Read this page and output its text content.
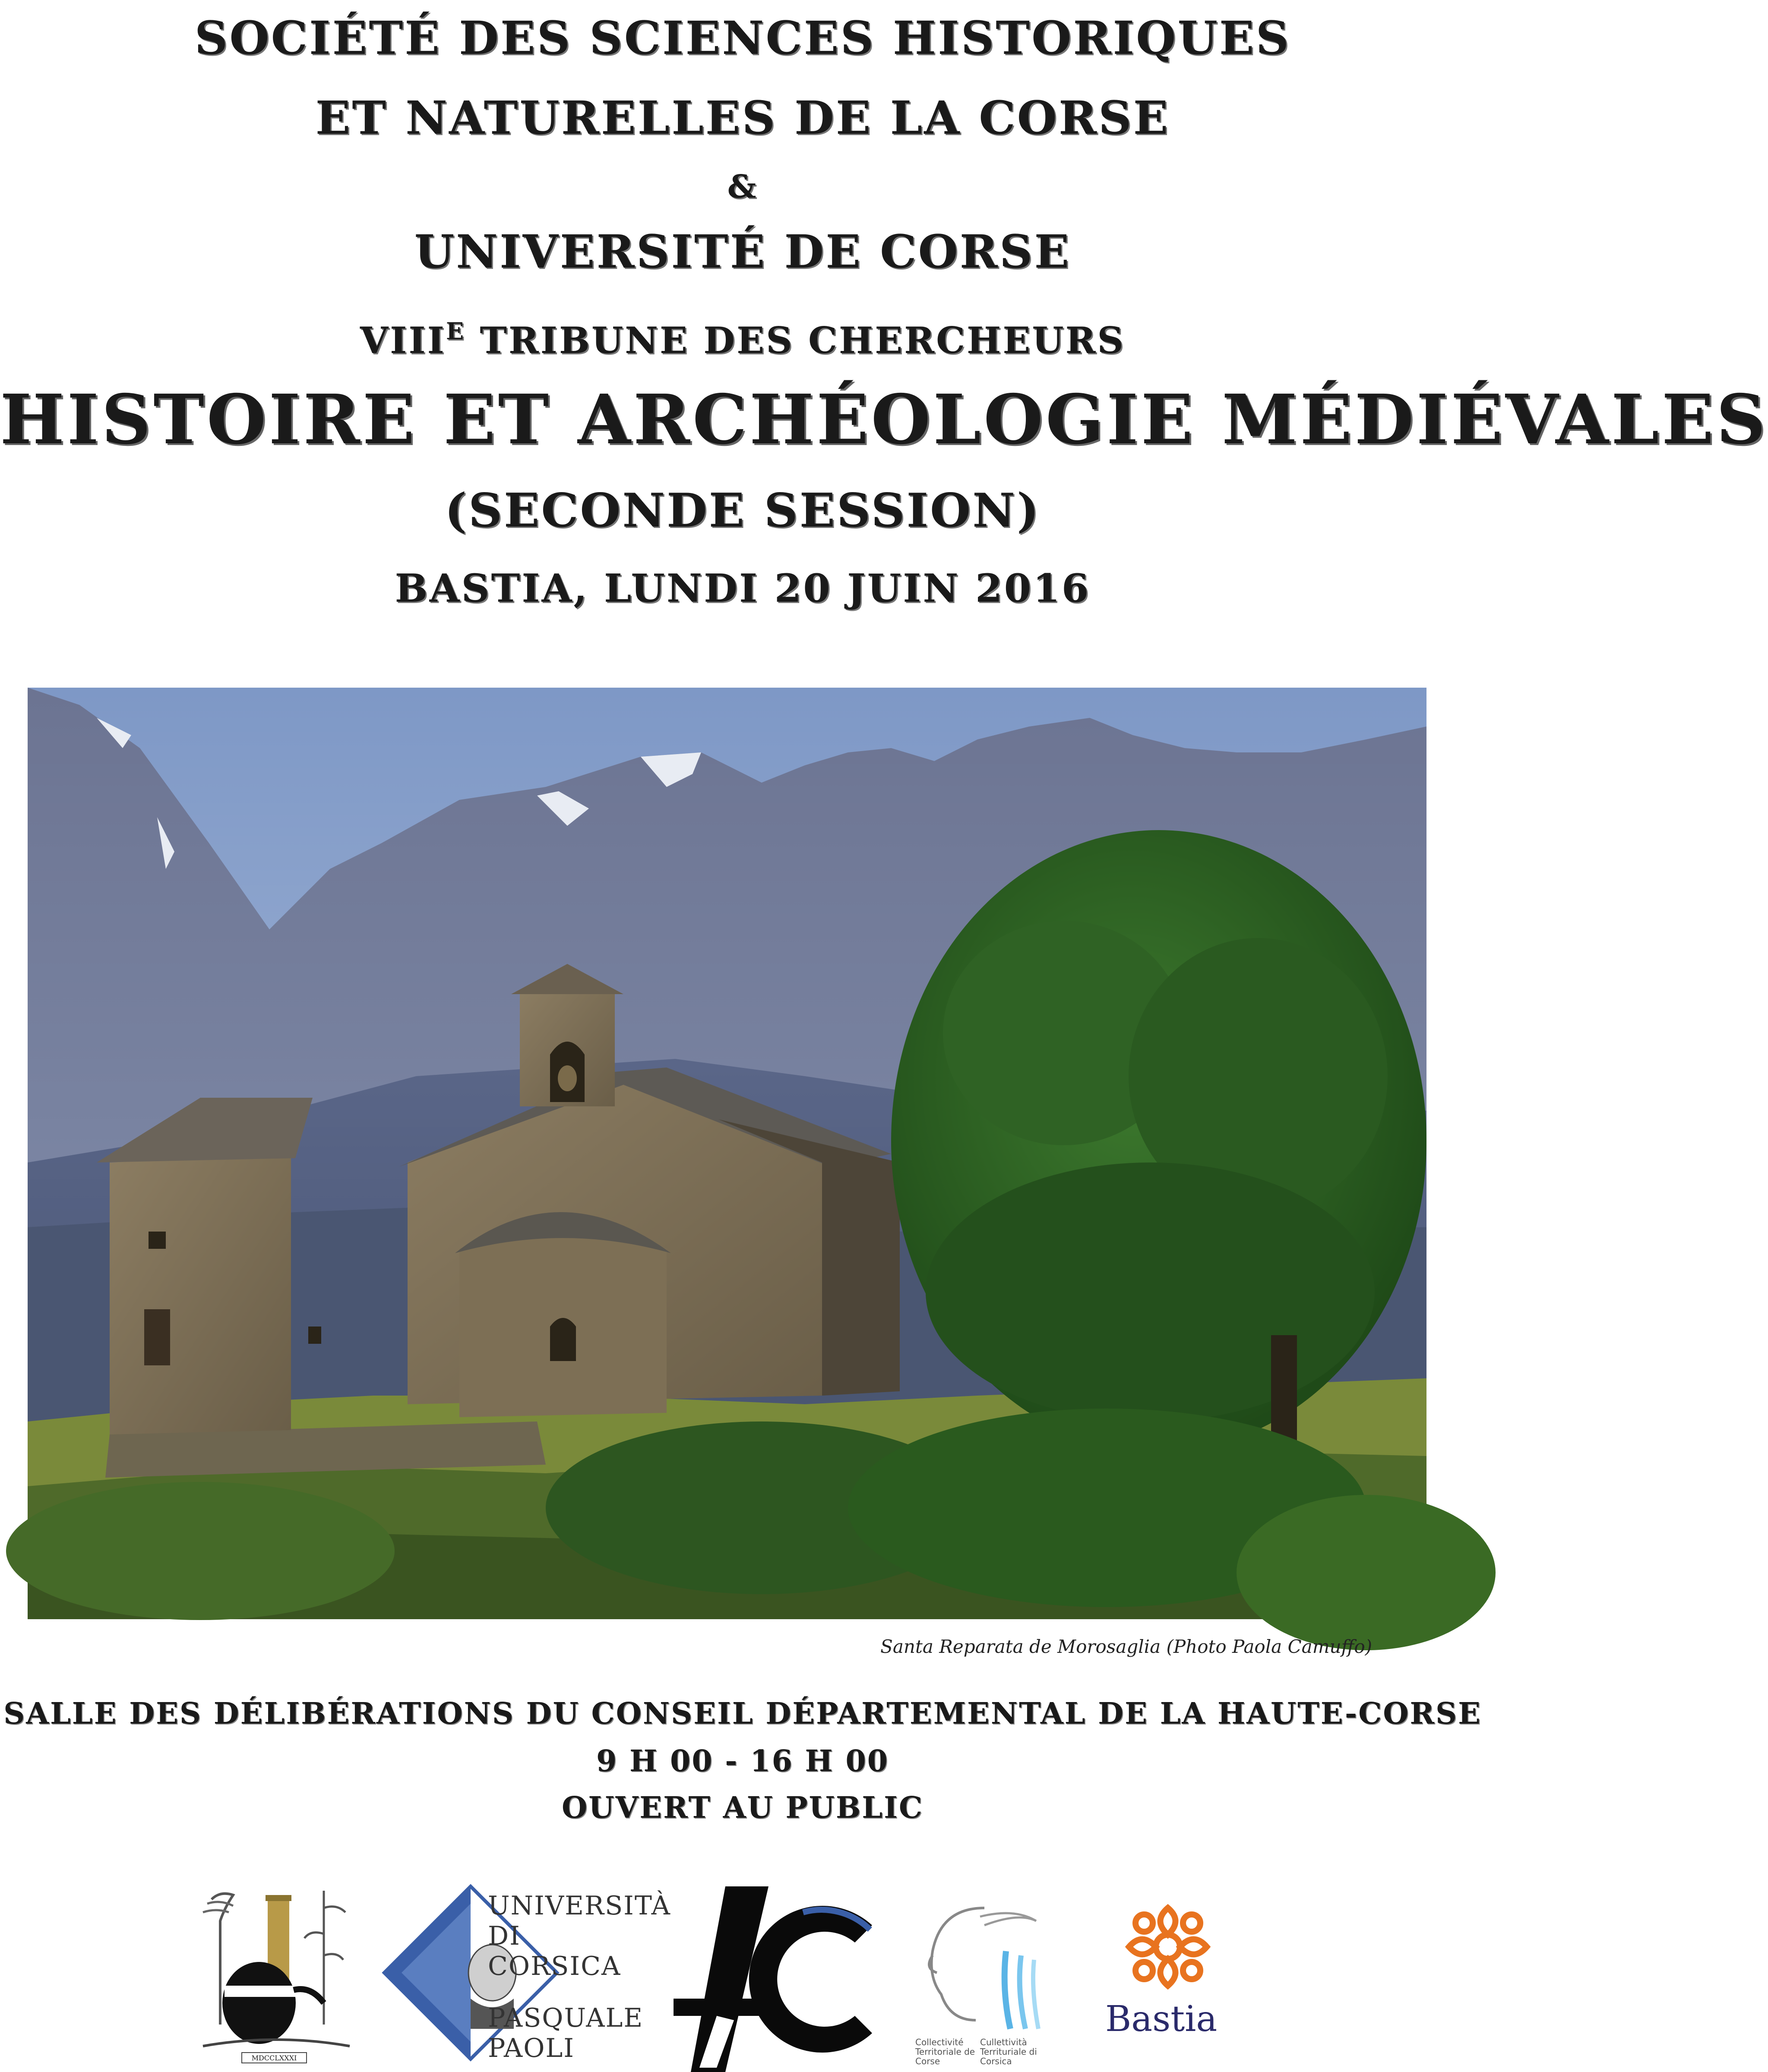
SOCIÉTÉ DES SCIENCES HISTORIQUES
ET NATURELLES DE LA CORSE
&
UNIVERSITÉ DE CORSE
$VIII^E$ TRIBUNE DES CHERCHEURS
HISTOIRE ET ARCHÉOLOGIE MÉDIÉVALES
(SECONDE SESSION)
BASTIA, LUNDI 20 JUIN 2016
Santa Reparata de Morosaglia (Photo Paola Camuffo)
SALLE DES DÉLIBÉRATIONS DU CONSEIL DÉPARTEMENTAL DE LA HAUTE-CORSE
9 H 00 - 16 H 00
OUVERT AU PUBLIC
MDCCLXXXI
UNIVERSITÀ
DI CORSICA
PASQUALE
PAOLI	Collectivité
Territoriale de
Corse
Cullettività
Territuriale di
Corsica
Bastia
